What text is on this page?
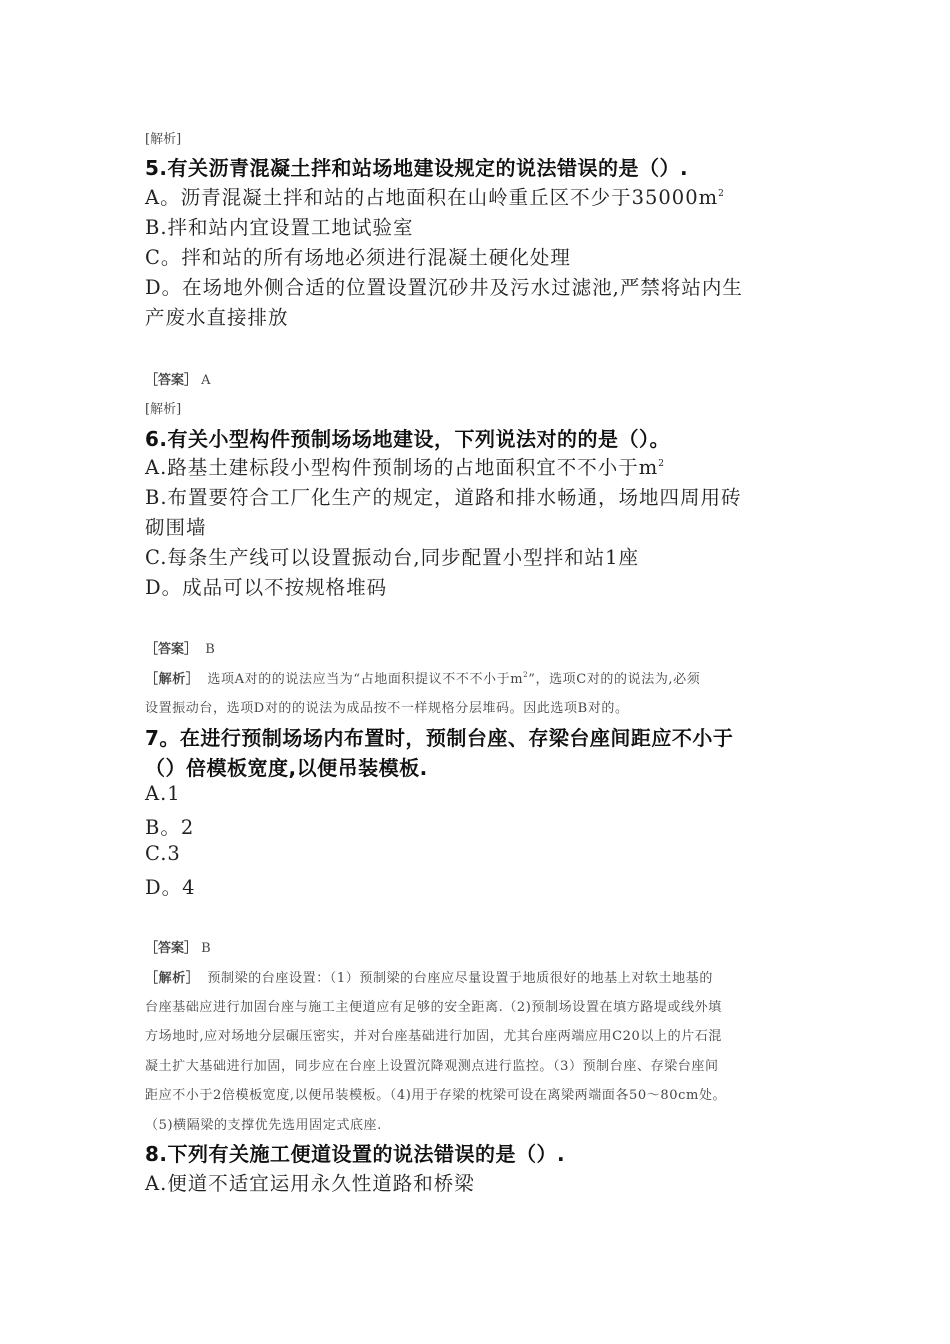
[解析]
5.有关沥青混凝土拌和站场地建设规定的说法错误的是（）.
A。沥青混凝土拌和站的占地面积在山岭重丘区不少于$35000m^2$
B.拌和站内宜设置工地试验室
C。拌和站的所有场地必须进行混凝土硬化处理
D。在场地外侧合适的位置设置沉砂井及污水过滤池,严禁将站内生
产废水直接排放
［答案］ A
[解析]
6.有关小型构件预制场场地建设，下列说法对的的是（）。
A.路基土建标段小型构件预制场的占地面积宜不不小于$m^2$
B.布置要符合工厂化生产的规定，道路和排水畅通，场地四周用砖
砌围墙
C.每条生产线可以设置振动台,同步配置小型拌和站1座
D。成品可以不按规格堆码
［答案］ B
［解析］ 选项A对的的说法应当为“占地面积提议不不不小于$m^2$”，选项C对的的说法为,必须
设置振动台，选项D对的的说法为成品按不一样规格分层堆码。因此选项B对的。
7。在进行预制场场内布置时，预制台座、存梁台座间距应不小于
（）倍模板宽度,以便吊装模板.
A.1
B。2
C.3
D。4
［答案］ B
［解析］ 预制梁的台座设置：（1）预制梁的台座应尽量设置于地质很好的地基上对软土地基的
台座基础应进行加固台座与施工主便道应有足够的安全距离.（2)预制场设置在填方路堤或线外填
方场地时,应对场地分层碾压密实，并对台座基础进行加固，尤其台座两端应用C20以上的片石混
凝土扩大基础进行加固，同步应在台座上设置沉降观测点进行监控。（3）预制台座、存梁台座间
距应不小于2倍模板宽度,以便吊装模板。（4)用于存梁的枕梁可设在离梁两端面各50～80cm处。
（5)横隔梁的支撑优先选用固定式底座.
8.下列有关施工便道设置的说法错误的是（）.
A.便道不适宜运用永久性道路和桥梁
